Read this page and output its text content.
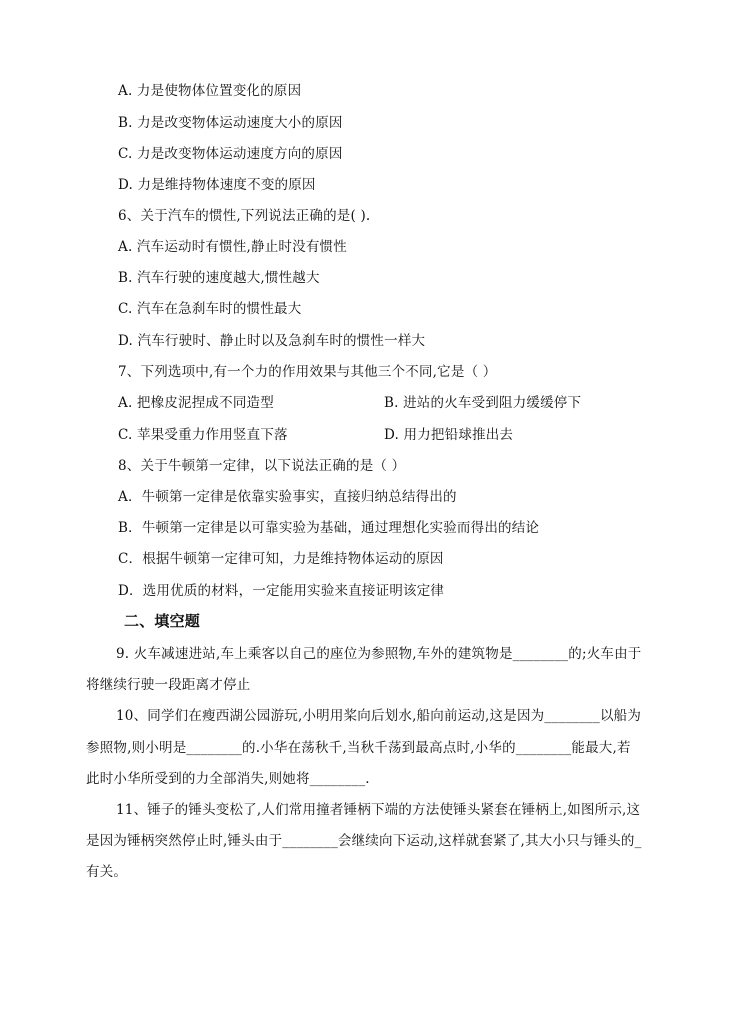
A. 力是使物体位置变化的原因
B. 力是改变物体运动速度大小的原因
C. 力是改变物体运动速度方向的原因
D. 力是维持物体速度不变的原因
6、关于汽车的惯性,下列说法正确的是( ).
A. 汽车运动时有惯性,静止时没有惯性
B. 汽车行驶的速度越大,惯性越大
C. 汽车在急刹车时的惯性最大
D. 汽车行驶时、静止时以及急刹车时的惯性一样大
7、下列选项中,有一个力的作用效果与其他三个不同,它是（ ）
A. 把橡皮泥捏成不同造型	B. 进站的火车受到阻力缓缓停下
C. 苹果受重力作用竖直下落	D. 用力把铅球推出去
8、关于牛顿第一定律，以下说法正确的是（ ）
A．牛顿第一定律是依靠实验事实，直接归纳总结得出的
B．牛顿第一定律是以可靠实验为基础，通过理想化实验而得出的结论
C．根据牛顿第一定律可知，力是维持物体运动的原因
D．选用优质的材料，一定能用实验来直接证明该定律
二、填空题
9. 火车减速进站,车上乘客以自己的座位为参照物,车外的建筑物是________的;火车由于
将继续行驶一段距离才停止
10、同学们在瘦西湖公园游玩,小明用桨向后划水,船向前运动,这是因为________以船为
参照物,则小明是________的.小华在荡秋千,当秋千荡到最高点时,小华的________能最大,若
此时小华所受到的力全部消失,则她将________.
11、锤子的锤头变松了,人们常用撞者锤柄下端的方法使锤头紧套在锤柄上,如图所示,这
是因为锤柄突然停止时,锤头由于________会继续向下运动,这样就套紧了,其大小只与锤头的_
有关。
